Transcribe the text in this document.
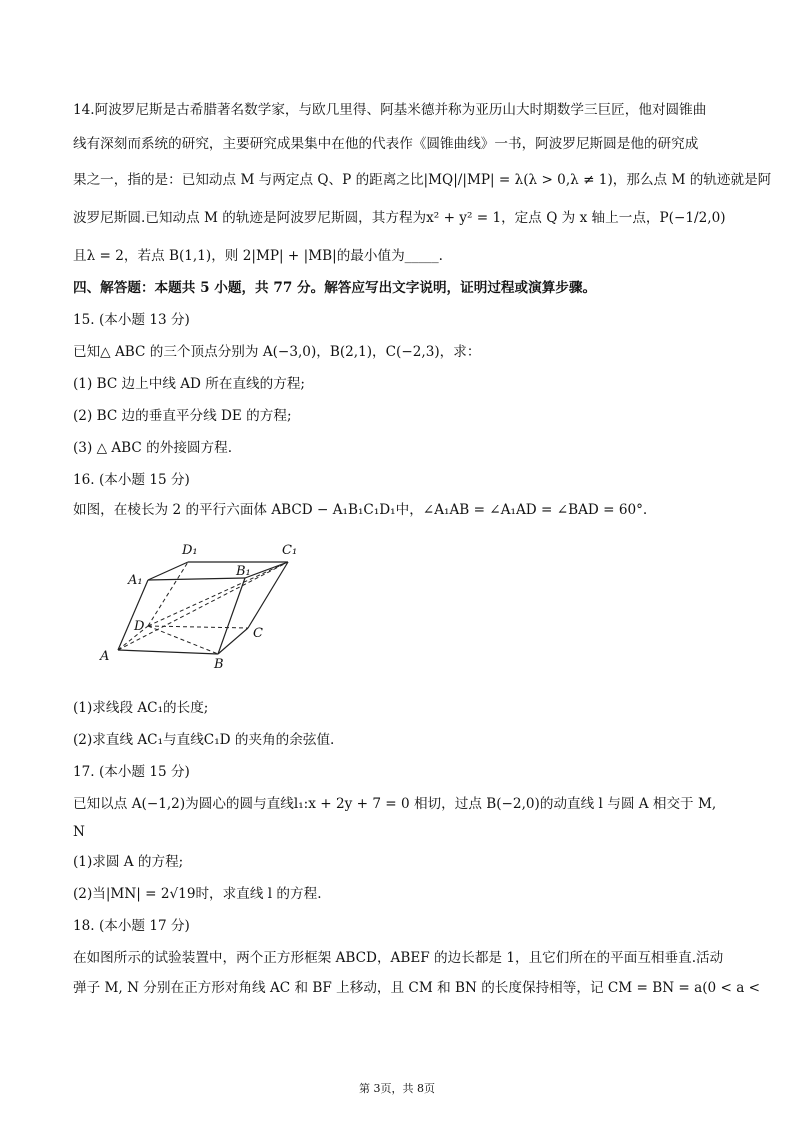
14.阿波罗尼斯是古希腊著名数学家，与欧几里得、阿基米德并称为亚历山大时期数学三巨匠，他对圆锥曲
线有深刻而系统的研究，主要研究成果集中在他的代表作《圆锥曲线》一书，阿波罗尼斯圆是他的研究成
果之一，指的是：已知动点 M 与两定点 Q、P 的距离之比|MQ|/|MP| = λ(λ > 0,λ ≠ 1)，那么点 M 的轨迹就是阿
波罗尼斯圆.已知动点 M 的轨迹是阿波罗尼斯圆，其方程为x² + y² = 1，定点 Q 为 x 轴上一点，P(−1/2,0)
且λ = 2，若点 B(1,1)，则 2|MP| + |MB|的最小值为_____.
四、解答题：本题共 5 小题，共 77 分。解答应写出文字说明，证明过程或演算步骤。
15. (本小题 13 分)
已知△ ABC 的三个顶点分别为 A(−3,0)，B(2,1)，C(−2,3)，求：
(1) BC 边上中线 AD 所在直线的方程;
(2) BC 边的垂直平分线 DE 的方程;
(3) △ ABC 的外接圆方程.
16. (本小题 15 分)
如图，在棱长为 2 的平行六面体 ABCD − A₁B₁C₁D₁中，∠A₁AB = ∠A₁AD = ∠BAD = 60°.
A
B
C
D
A₁
B₁
C₁
D₁
(1)求线段 AC₁的长度;
(2)求直线 AC₁与直线C₁D 的夹角的余弦值.
17. (本小题 15 分)
已知以点 A(−1,2)为圆心的圆与直线l₁:x + 2y + 7 = 0 相切，过点 B(−2,0)的动直线 l 与圆 A 相交于 M,
N
(1)求圆 A 的方程;
(2)当|MN| = 2√19时，求直线 l 的方程.
18. (本小题 17 分)
在如图所示的试验装置中，两个正方形框架 ABCD，ABEF 的边长都是 1，且它们所在的平面互相垂直.活动
弹子 M, N 分别在正方形对角线 AC 和 BF 上移动，且 CM 和 BN 的长度保持相等，记 CM = BN = a(0 < a <
第 3页，共 8页
